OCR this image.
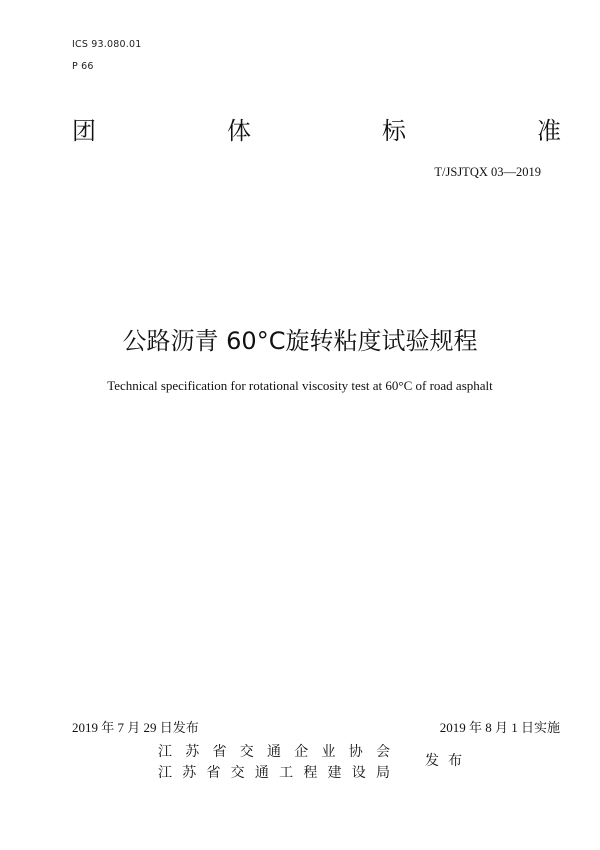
ICS 93.080.01
P 66
团体标准
T/JSJTQX 03—2019
公路沥青 60°C旋转粘度试验规程
Technical specification for rotational viscosity test at 60°C of road asphalt
2019 年 7 月 29 日发布	2019 年 8 月 1 日实施
江苏省交通企业协会
江苏省交通工程建设局
发布
